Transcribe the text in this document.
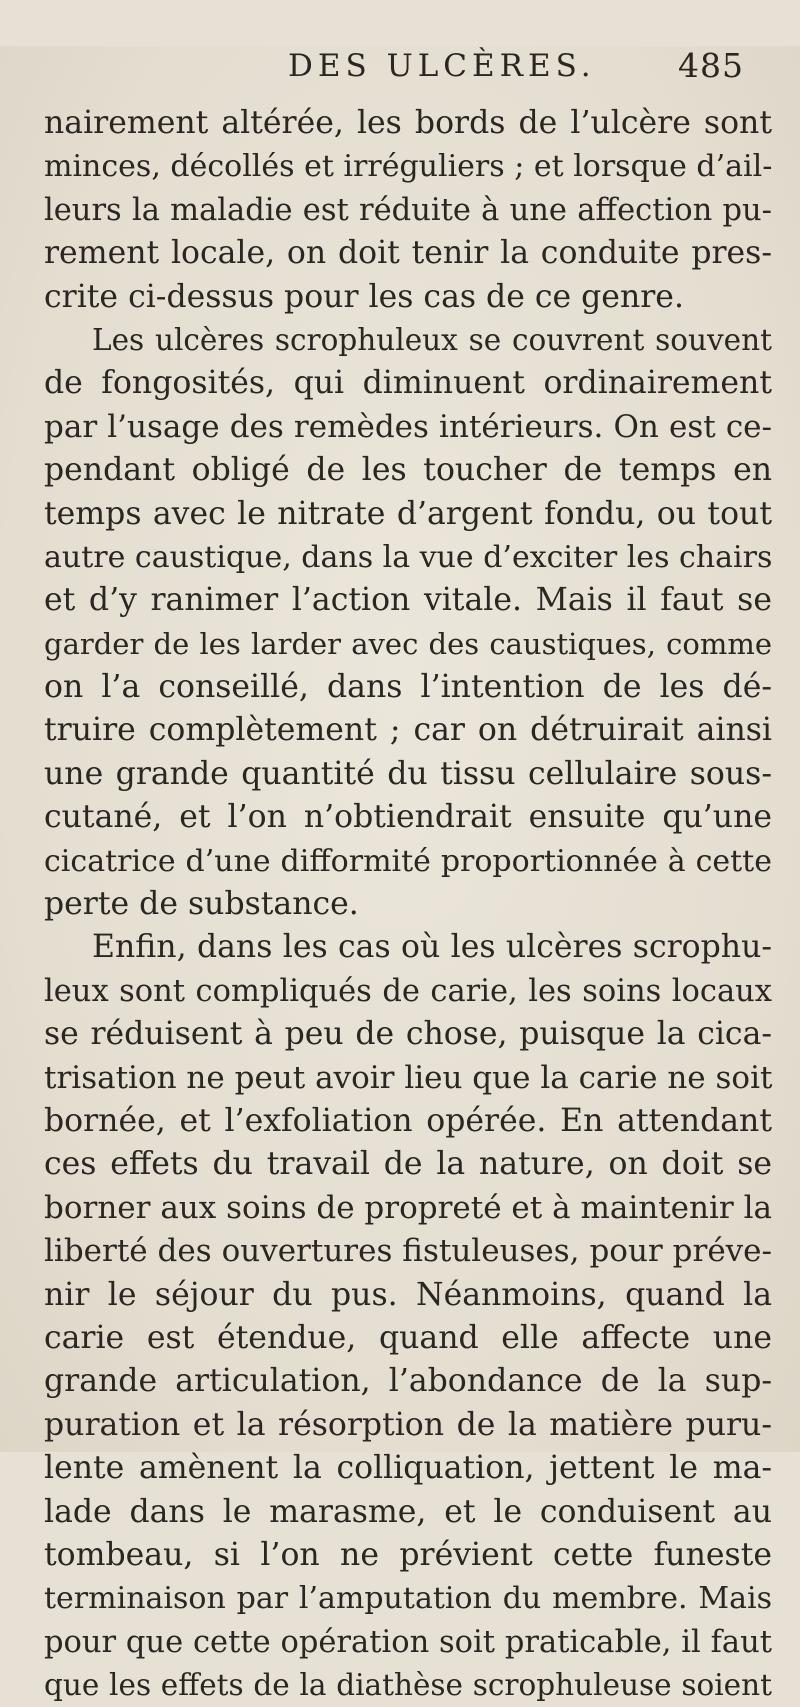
DES ULCÈRES. 485
nairement altérée, les bords de l’ulcère sont
minces, décollés et irréguliers ; et lorsque d’ail-
leurs la maladie est réduite à une affection pu-
rement locale, on doit tenir la conduite pres-
crite ci-dessus pour les cas de ce genre.
Les ulcères scrophuleux se couvrent souvent
de fongosités, qui diminuent ordinairement
par l’usage des remèdes intérieurs. On est ce-
pendant obligé de les toucher de temps en
temps avec le nitrate d’argent fondu, ou tout
autre caustique, dans la vue d’exciter les chairs
et d’y ranimer l’action vitale. Mais il faut se
garder de les larder avec des caustiques, comme
on l’a conseillé, dans l’intention de les dé-
truire complètement ; car on détruirait ainsi
une grande quantité du tissu cellulaire sous-
cutané, et l’on n’obtiendrait ensuite qu’une
cicatrice d’une difformité proportionnée à cette
perte de substance.
Enfin, dans les cas où les ulcères scrophu-
leux sont compliqués de carie, les soins locaux
se réduisent à peu de chose, puisque la cica-
trisation ne peut avoir lieu que la carie ne soit
bornée, et l’exfoliation opérée. En attendant
ces effets du travail de la nature, on doit se
borner aux soins de propreté et à maintenir la
liberté des ouvertures fistuleuses, pour préve-
nir le séjour du pus. Néanmoins, quand la
carie est étendue, quand elle affecte une
grande articulation, l’abondance de la sup-
puration et la résorption de la matière puru-
lente amènent la colliquation, jettent le ma-
lade dans le marasme, et le conduisent au
tombeau, si l’on ne prévient cette funeste
terminaison par l’amputation du membre. Mais
pour que cette opération soit praticable, il faut
que les effets de la diathèse scrophuleuse soient
